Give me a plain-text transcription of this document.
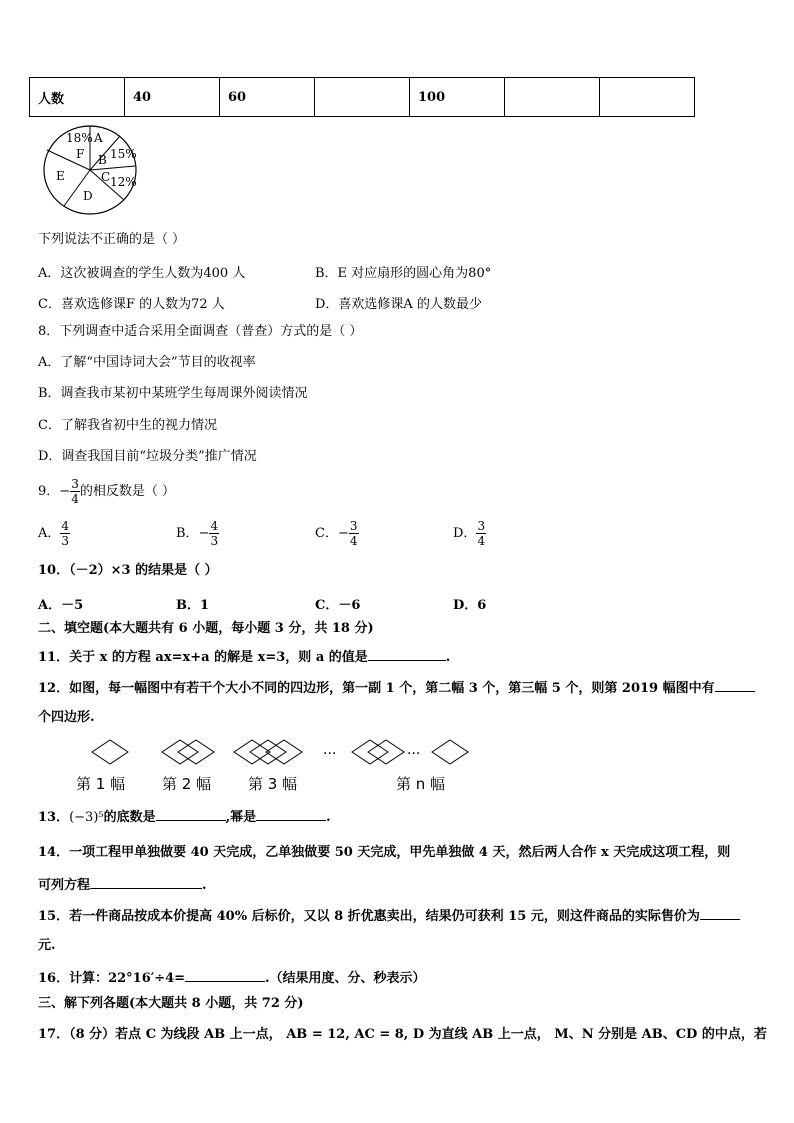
人数	40	60		100		
18% A
F B 15%
C 12%
E
D
下列说法不正确的是（ ）
A．这次被调查的学生人数为400 人	B．E 对应扇形的圆心角为80°
C．喜欢选修课F 的人数为72 人	D．喜欢选修课A 的人数最少
8．下列调查中适合采用全面调查（普查）方式的是（ ）
A．了解“中国诗词大会”节目的收视率
B．调查我市某初中某班学生每周课外阅读情况
C．了解我省初中生的视力情况
D．调查我国目前“垃圾分类”推广情况
9．− $\frac{3}{4}$ 的相反数是（ ）
A． $\frac{4}{3}$	B．− $\frac{4}{3}$	C．− $\frac{3}{4}$	D． $\frac{3}{4}$
10．（－2）×3 的结果是（ ）
A．－5	B．1	C．－6	D．6
二、填空题(本大题共有 6 小题，每小题 3 分，共 18 分)
11．关于 x 的方程 ax=x+a 的解是 x=3，则 a 的值是	.
12．如图，每一幅图中有若干个大小不同的四边形，第一副 1 个，第二幅 3 个，第三幅 5 个，则第 2019 幅图中有
个四边形.
···	···
第 1 幅 第 2 幅 第 3 幅	第 n 幅
13．(−3)⁵的底数是	,幂是	.
14．一项工程甲单独做要 40 天完成，乙单独做要 50 天完成，甲先单独做 4 天，然后两人合作 x 天完成这项工程，则
可列方程	.
15．若一件商品按成本价提高 40% 后标价，又以 8 折优惠卖出，结果仍可获利 15 元，则这件商品的实际售价为
元.
16．计算：22°16′÷4=	.（结果用度、分、秒表示）
三、解下列各题(本大题共 8 小题，共 72 分)
17．（8 分）若点 C 为线段 AB 上一点， AB = 12, AC = 8, D 为直线 AB 上一点， M、N 分别是 AB、CD 的中点，若
